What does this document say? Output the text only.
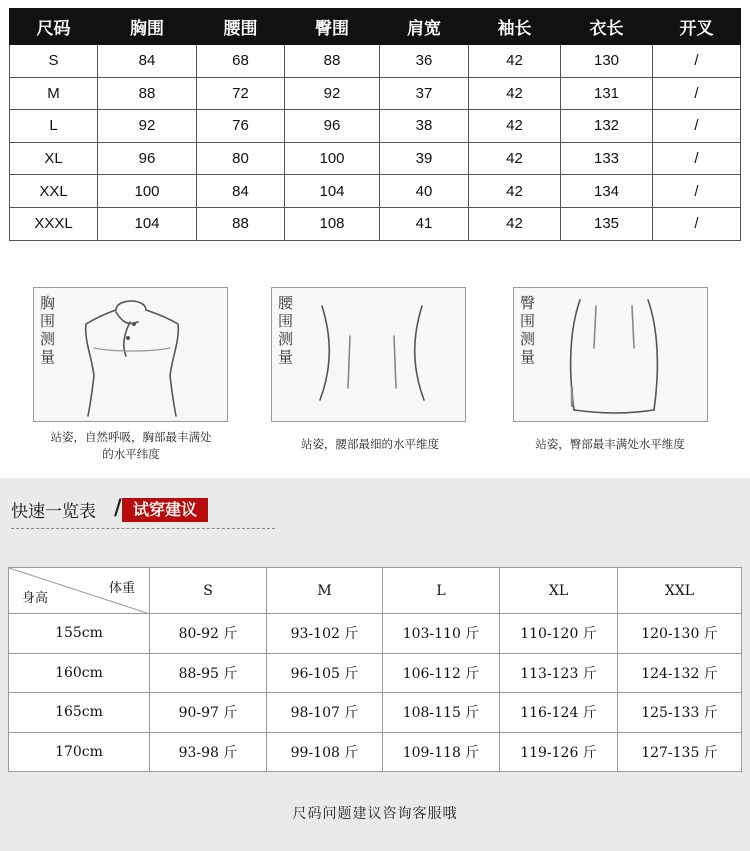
尺码	胸围	腰围	臀围	肩宽	袖长	衣长	开叉
S	84	68	88	36	42	130	/
M	88	72	92	37	42	131	/
L	92	76	96	38	42	132	/
XL	96	80	100	39	42	133	/
XXL	100	84	104	40	42	134	/
XXXL	104	88	108	41	42	135	/
胸围测量
站姿，自然呼吸，胸部最丰满处
的水平纬度
腰围测量
站姿，腰部最细的水平维度
臀围测量
站姿，臀部最丰满处水平维度
快速一览表 / 试穿建议
体重
身高	S	M	L	XL	XXL
155cm	80-92 斤	93-102 斤	103-110 斤	110-120 斤	120-130 斤
160cm	88-95 斤	96-105 斤	106-112 斤	113-123 斤	124-132 斤
165cm	90-97 斤	98-107 斤	108-115 斤	116-124 斤	125-133 斤
170cm	93-98 斤	99-108 斤	109-118 斤	119-126 斤	127-135 斤
尺码问题建议咨询客服哦
